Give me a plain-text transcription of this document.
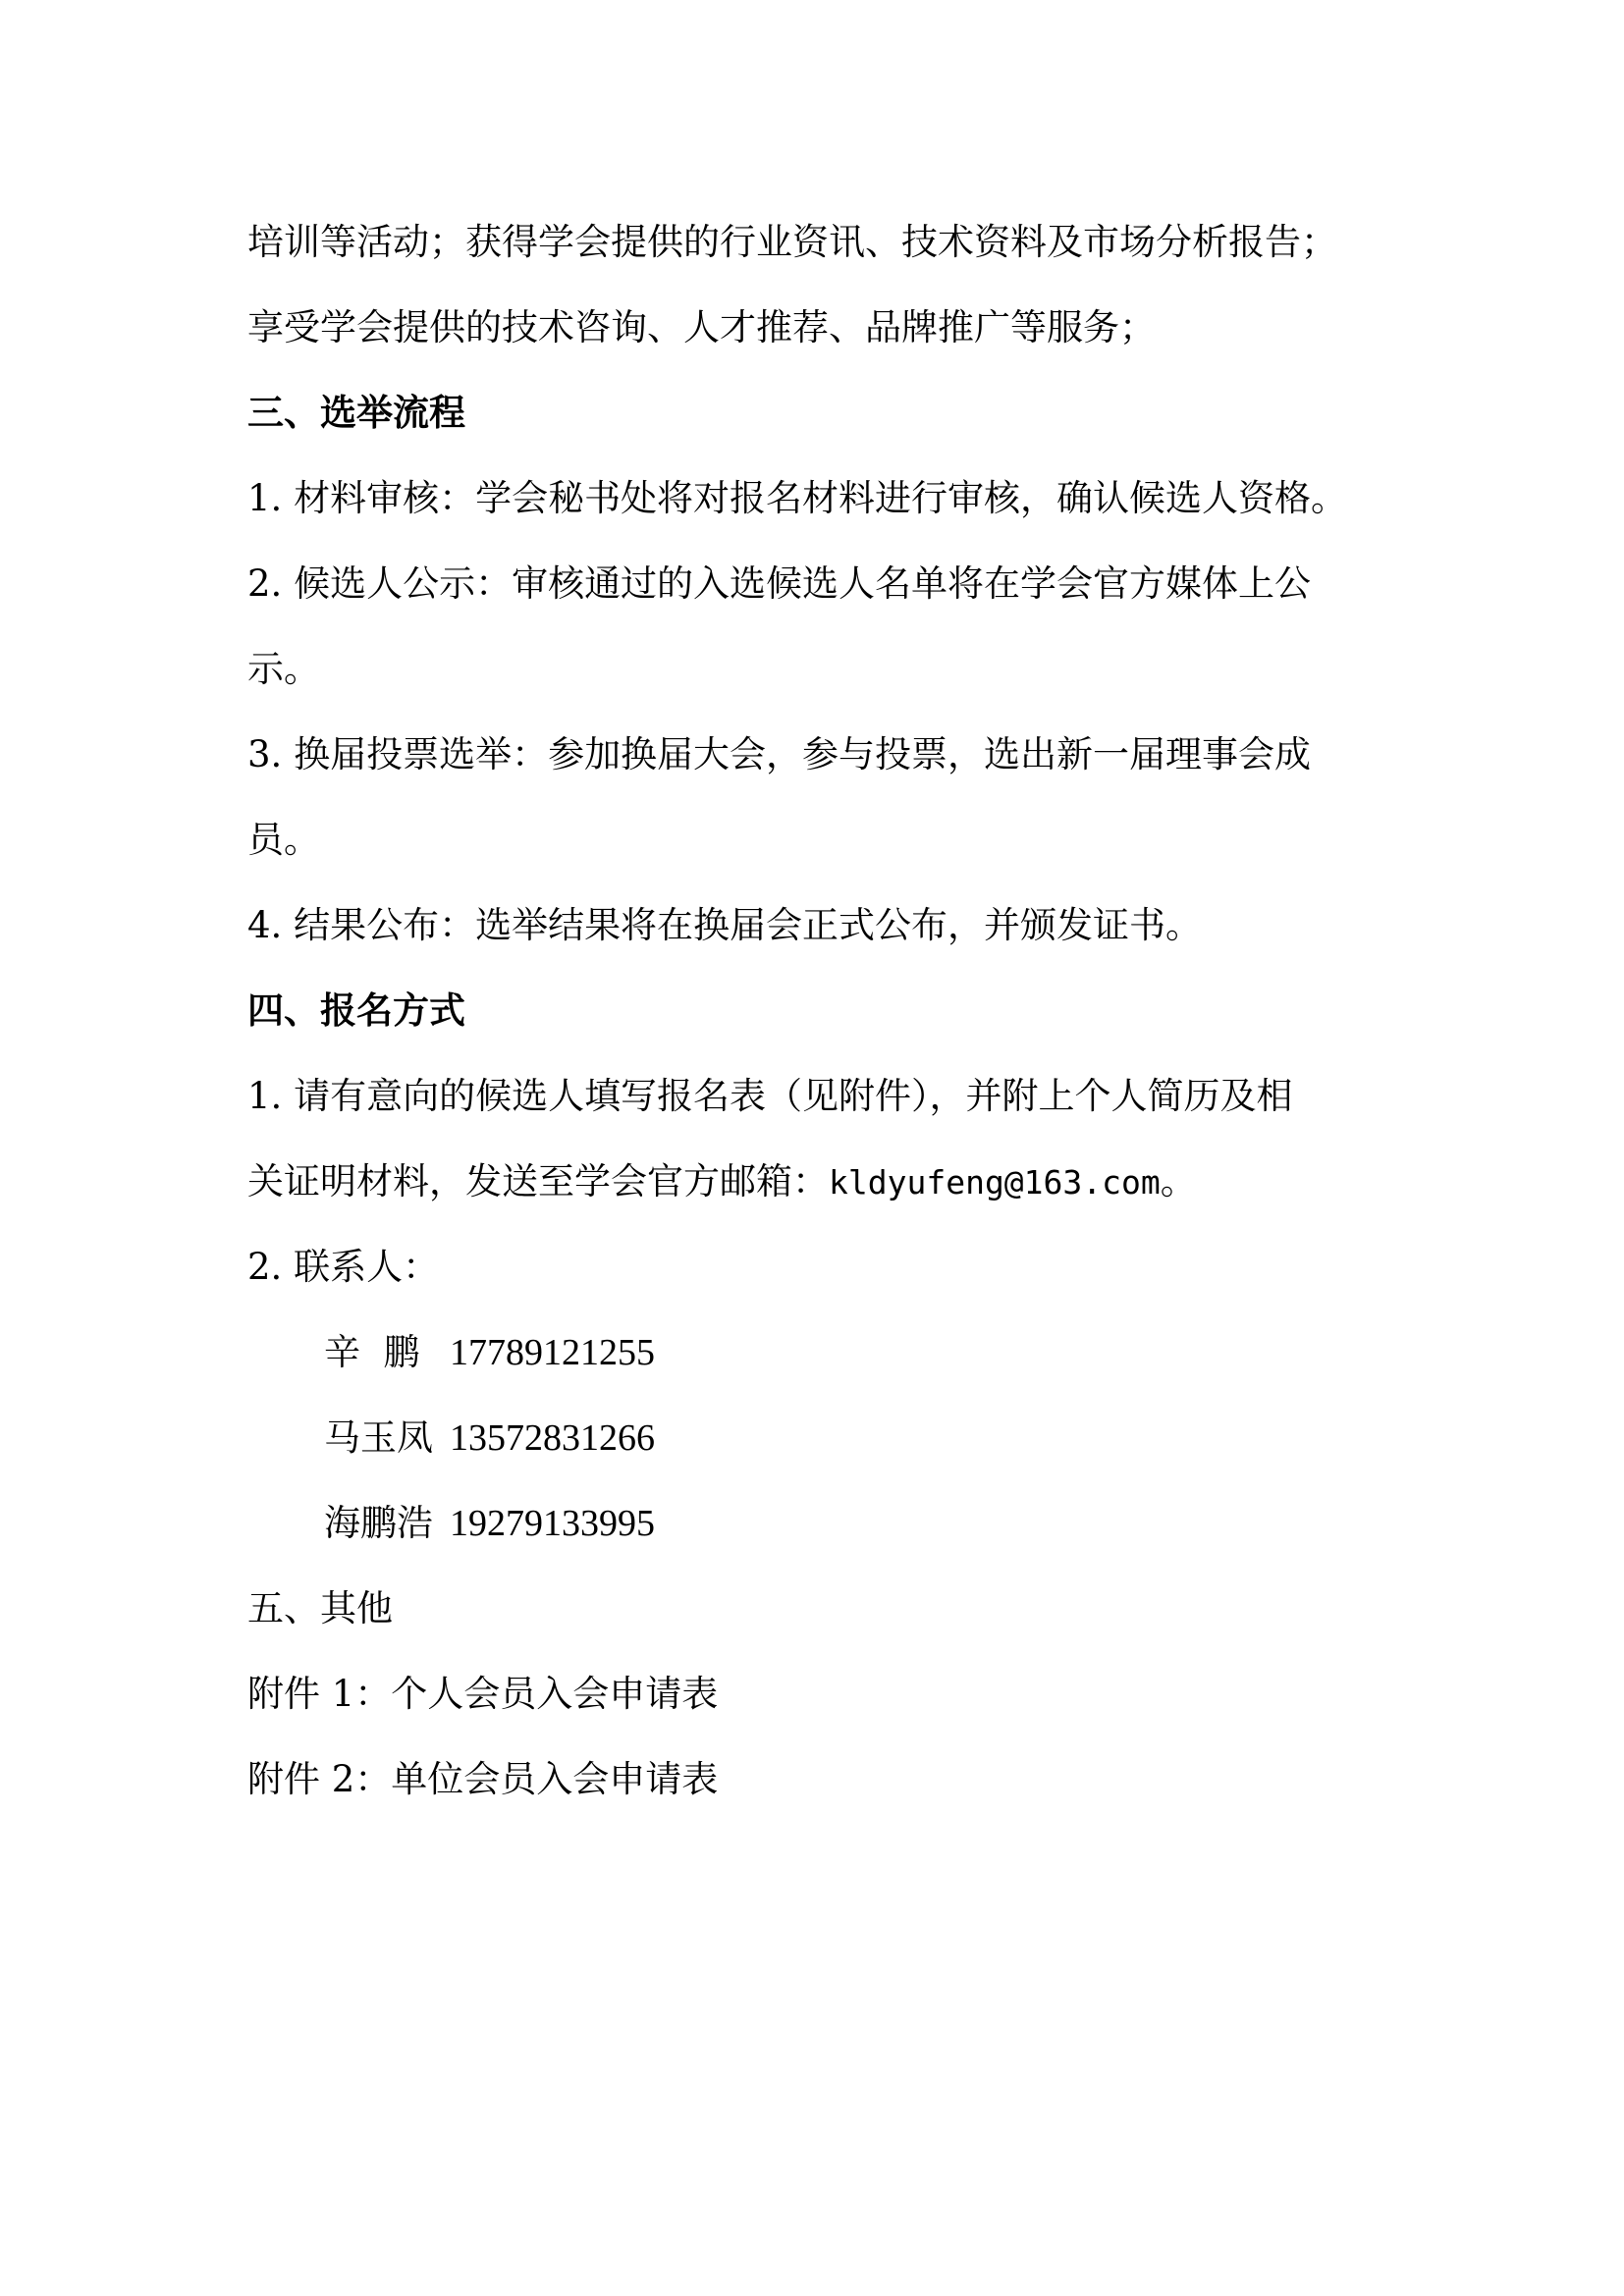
培训等活动；获得学会提供的行业资讯、技术资料及市场分析报告；

享受学会提供的技术咨询、人才推荐、品牌推广等服务；

三、选举流程

1. 材料审核：学会秘书处将对报名材料进行审核，确认候选人资格。

2. 候选人公示：审核通过的入选候选人名单将在学会官方媒体上公

示。

3. 换届投票选举：参加换届大会，参与投票，选出新一届理事会成

员。

4. 结果公布：选举结果将在换届会正式公布，并颁发证书。

四、报名方式

1. 请有意向的候选人填写报名表（见附件），并附上个人简历及相

关证明材料，发送至学会官方邮箱：kldyufeng@163.com。

2. 联系人：

辛  鹏 17789121255

马玉凤 13572831266

海鹏浩 19279133995

五、其他

附件 1：个人会员入会申请表

附件 2：单位会员入会申请表
